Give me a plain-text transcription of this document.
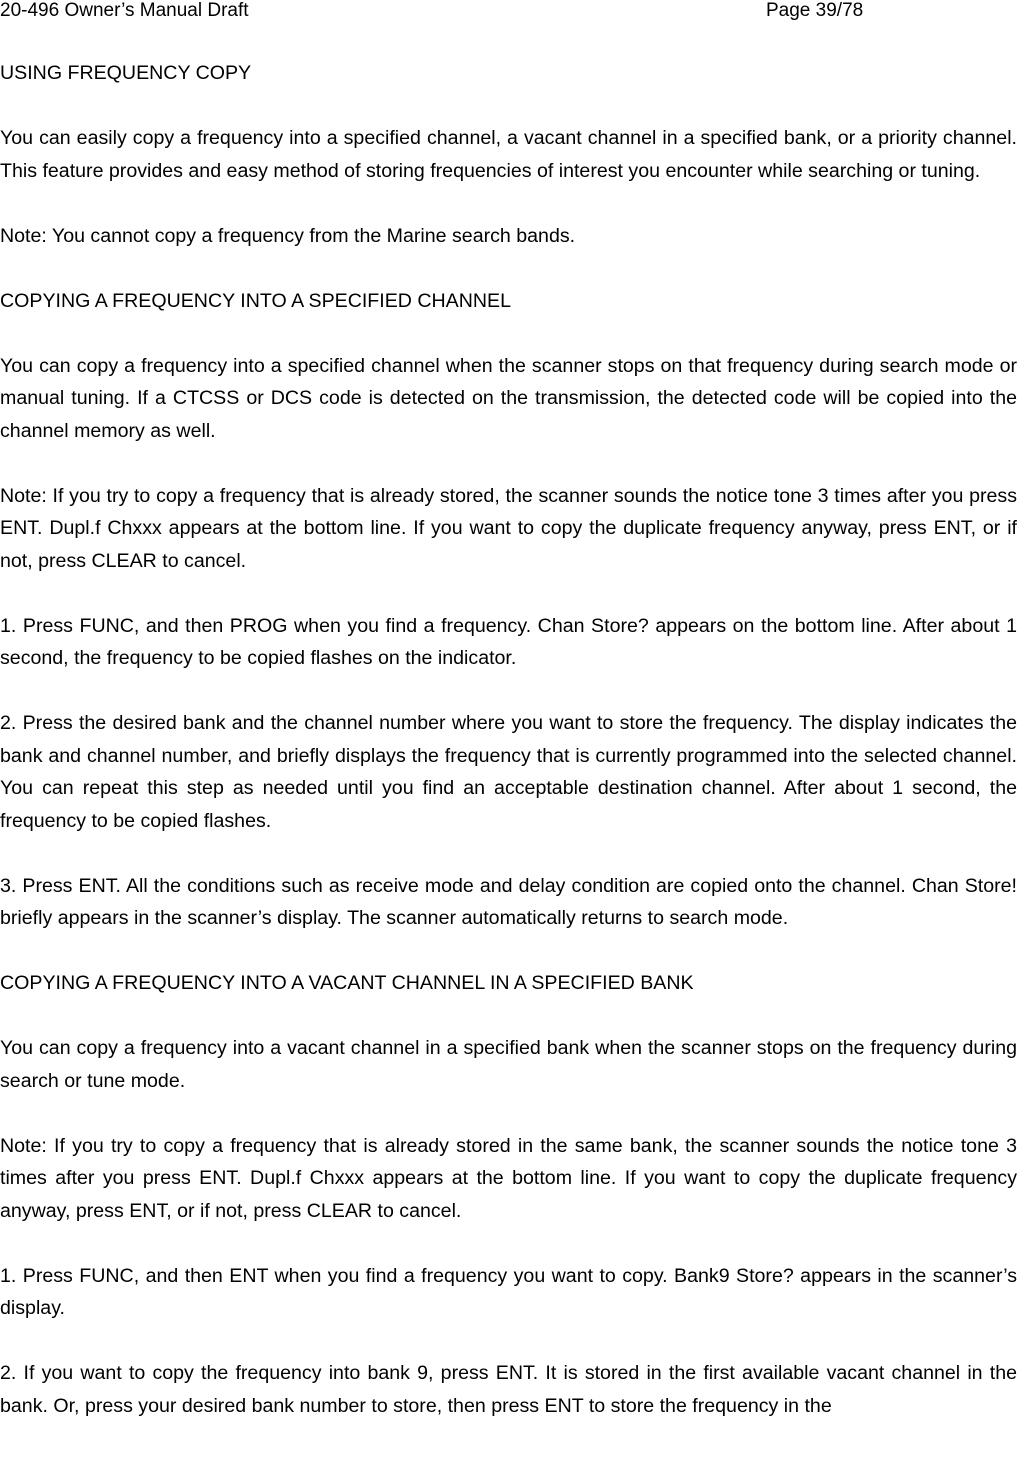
20-496 Owner’s Manual Draft	Page 39/78
USING FREQUENCY COPY
You can easily copy a frequency into a specified channel, a vacant channel in a specified bank, or a priority channel. This feature provides and easy method of storing frequencies of interest you encounter while searching or tuning.
Note: You cannot copy a frequency from the Marine search bands.
COPYING A FREQUENCY INTO A SPECIFIED CHANNEL
You can copy a frequency into a specified channel when the scanner stops on that frequency during search mode or manual tuning. If a CTCSS or DCS code is detected on the transmission, the detected code will be copied into the channel memory as well.
Note: If you try to copy a frequency that is already stored, the scanner sounds the notice tone 3 times after you press ENT. Dupl.f Chxxx appears at the bottom line. If you want to copy the duplicate frequency anyway, press ENT, or if not, press CLEAR to cancel.
1. Press FUNC, and then PROG when you find a frequency. Chan Store? appears on the bottom line. After about 1 second, the frequency to be copied flashes on the indicator.
2. Press the desired bank and the channel number where you want to store the frequency. The display indicates the bank and channel number, and briefly displays the frequency that is currently programmed into the selected channel. You can repeat this step as needed until you find an acceptable destination channel. After about 1 second, the frequency to be copied flashes.
3. Press ENT. All the conditions such as receive mode and delay condition are copied onto the channel. Chan Store! briefly appears in the scanner’s display. The scanner automatically returns to search mode.
COPYING A FREQUENCY INTO A VACANT CHANNEL IN A SPECIFIED BANK
You can copy a frequency into a vacant channel in a specified bank when the scanner stops on the frequency during search or tune mode.
Note: If you try to copy a frequency that is already stored in the same bank, the scanner sounds the notice tone 3 times after you press ENT. Dupl.f Chxxx appears at the bottom line. If you want to copy the duplicate frequency anyway, press ENT, or if not, press CLEAR to cancel.
1. Press FUNC, and then ENT when you find a frequency you want to copy. Bank9 Store? appears in the scanner’s display.
2. If you want to copy the frequency into bank 9, press ENT. It is stored in the first available vacant channel in the bank. Or, press your desired bank number to store, then press ENT to store the frequency in the
